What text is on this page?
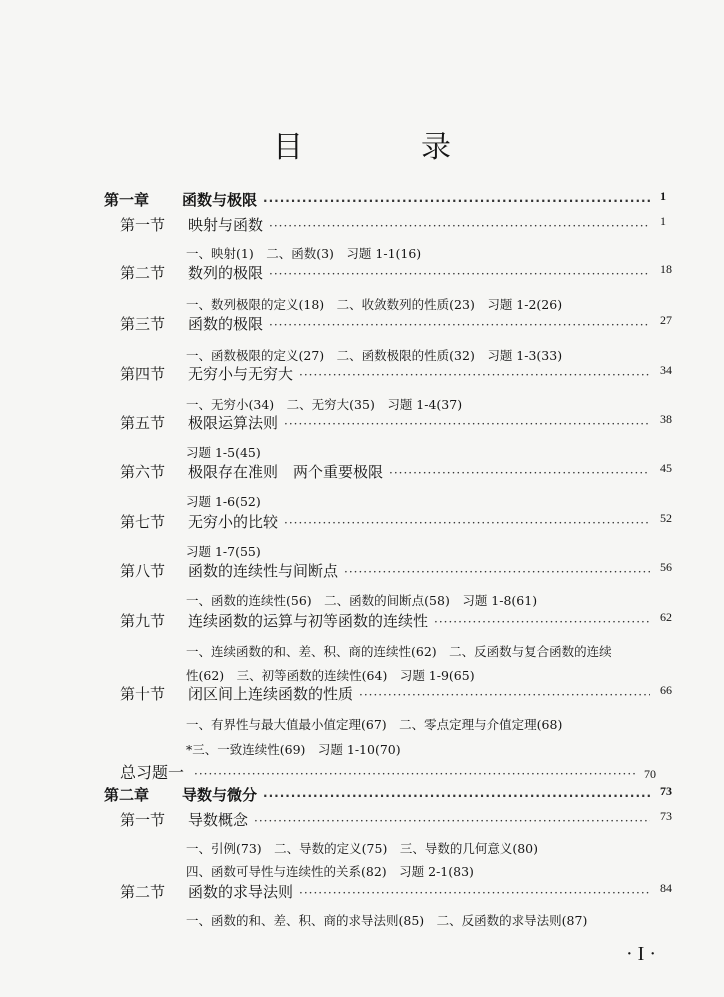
目　录
第一章	函数与极限 ·····	1
第一节	映射与函数 ·····	1
一、映射(1)　二、函数(3)　习题 1-1(16)
第二节	数列的极限 ·····	18
一、数列极限的定义(18)　二、收敛数列的性质(23)　习题 1-2(26)
第三节	函数的极限 ·····	27
一、函数极限的定义(27)　二、函数极限的性质(32)　习题 1-3(33)
第四节	无穷小与无穷大 ·····	34
一、无穷小(34)　二、无穷大(35)　习题 1-4(37)
第五节	极限运算法则 ·····	38
习题 1-5(45)
第六节	极限存在准则　两个重要极限 ·····	45
习题 1-6(52)
第七节	无穷小的比较 ·····	52
习题 1-7(55)
第八节	函数的连续性与间断点 ·····	56
一、函数的连续性(56)　二、函数的间断点(58)　习题 1-8(61)
第九节	连续函数的运算与初等函数的连续性 ·····	62
一、连续函数的和、差、积、商的连续性(62)　二、反函数与复合函数的连续
性(62)　三、初等函数的连续性(64)　习题 1-9(65)
第十节	闭区间上连续函数的性质 ·····	66
一、有界性与最大值最小值定理(67)　二、零点定理与介值定理(68)
*三、一致连续性(69)　习题 1-10(70)
总习题一 ·····	70
第二章	导数与微分 ·····	73
第一节	导数概念 ·····	73
一、引例(73)　二、导数的定义(75)　三、导数的几何意义(80)
四、函数可导性与连续性的关系(82)　习题 2-1(83)
第二节	函数的求导法则 ·····	84
一、函数的和、差、积、商的求导法则(85)　二、反函数的求导法则(87)
· I ·
